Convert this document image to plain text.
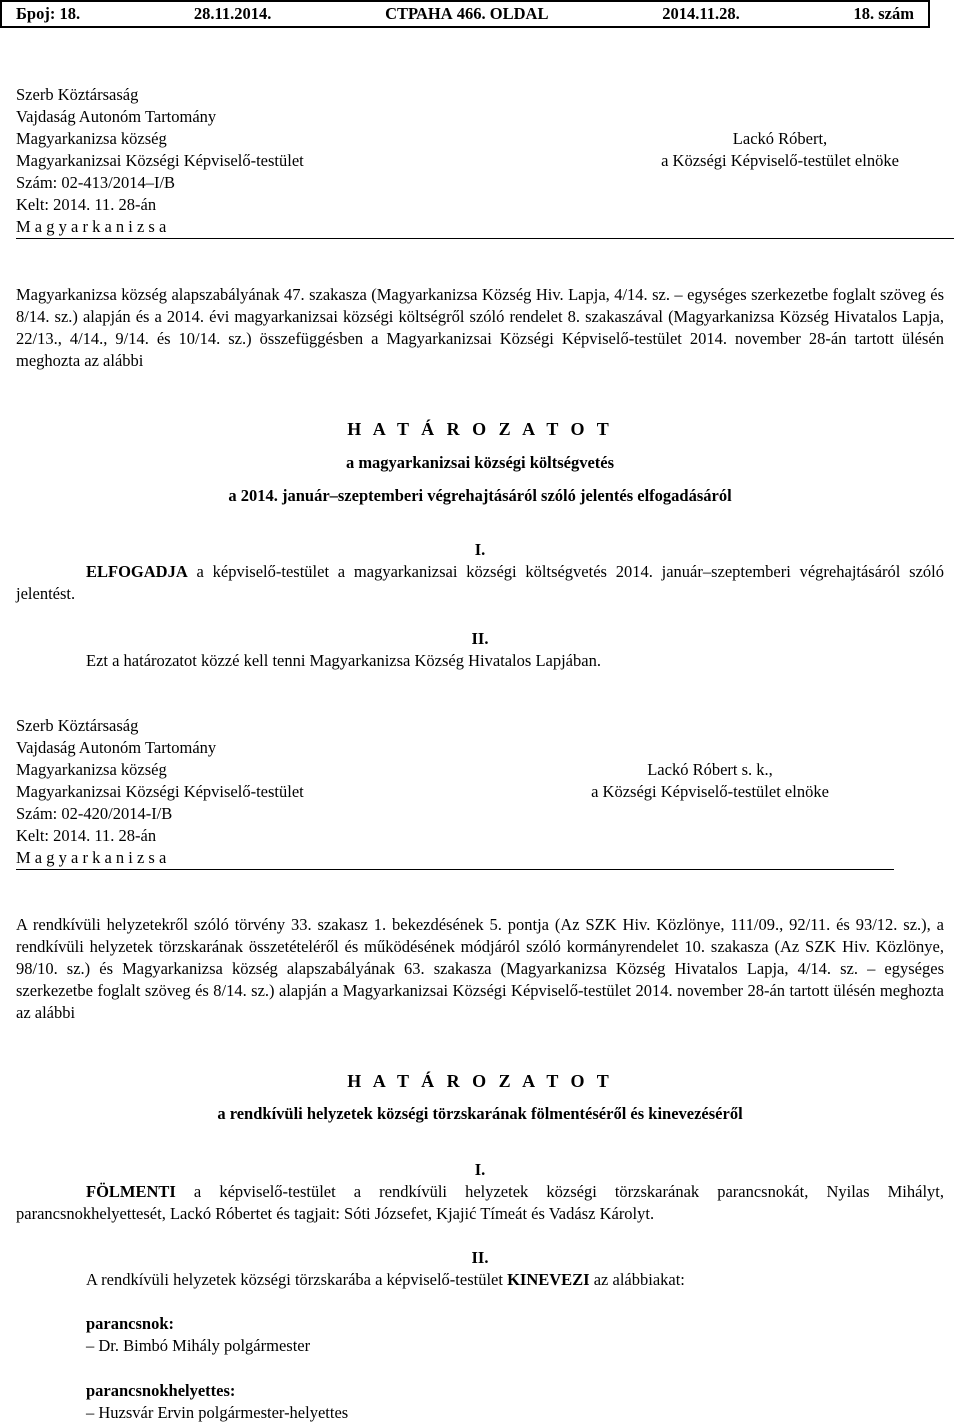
Број: 18.	28.11.2014.	СТРАНА 466. OLDAL	2014.11.28.	18. szám
Szerb Köztársaság
Vajdaság Autonóm Tartomány
Magyarkanizsa község
Magyarkanizsai Községi Képviselő-testület
Szám: 02-413/2014–I/B
Kelt: 2014. 11. 28-án
M a g y a r k a n i z s a
Lackó Róbert,
a Községi Képviselő-testület elnöke
Magyarkanizsa község alapszabályának 47. szakasza (Magyarkanizsa Község Hiv. Lapja, 4/14. sz. – egységes szerkezetbe foglalt szöveg és 8/14. sz.) alapján és a 2014. évi magyarkanizsai községi költségről szóló rendelet 8. szakaszával (Magyarkanizsa Község Hivatalos Lapja, 22/13., 4/14., 9/14. és 10/14. sz.) összefüggésben a Magyarkanizsai Községi Képviselő-testület 2014. november 28-án tartott ülésén meghozta az alábbi
H A T Á R O Z A T O T
a magyarkanizsai községi költségvetés
a 2014. január–szeptemberi végrehajtásáról szóló jelentés elfogadásáról
I.
ELFOGADJA a képviselő-testület a magyarkanizsai községi költségvetés 2014. január–szeptemberi végrehajtásáról szóló jelentést.
II.
Ezt a határozatot közzé kell tenni Magyarkanizsa Község Hivatalos Lapjában.
Szerb Köztársaság
Vajdaság Autonóm Tartomány
Magyarkanizsa község
Magyarkanizsai Községi Képviselő-testület
Szám: 02-420/2014-I/B
Kelt: 2014. 11. 28-án
M a g y a r k a n i z s a
Lackó Róbert s. k.,
a Községi Képviselő-testület elnöke
A rendkívüli helyzetekről szóló törvény 33. szakasz 1. bekezdésének 5. pontja (Az SZK Hiv. Közlönye, 111/09., 92/11. és 93/12. sz.), a rendkívüli helyzetek törzskarának összetételéről és működésének módjáról szóló kormányrendelet 10. szakasza (Az SZK Hiv. Közlönye, 98/10. sz.) és Magyarkanizsa község alapszabályának 63. szakasza (Magyarkanizsa Község Hivatalos Lapja, 4/14. sz. – egységes szerkezetbe foglalt szöveg és 8/14. sz.) alapján a Magyarkanizsai Községi Képviselő-testület 2014. november 28-án tartott ülésén meghozta az alábbi
H A T Á R O Z A T O T
a rendkívüli helyzetek községi törzskarának fölmentéséről és kinevezéséről
I.
FÖLMENTI a képviselő-testület a rendkívüli helyzetek községi törzskarának parancsnokát, Nyilas Mihályt, parancsnokhelyettesét, Lackó Róbertet és tagjait: Sóti Józsefet, Kjajić Tímeát és Vadász Károlyt.
II.
A rendkívüli helyzetek községi törzskarába a képviselő-testület KINEVEZI az alábbiakat:
parancsnok:
– Dr. Bimbó Mihály polgármester
parancsnokhelyettes:
– Huzsvár Ervin polgármester-helyettes
